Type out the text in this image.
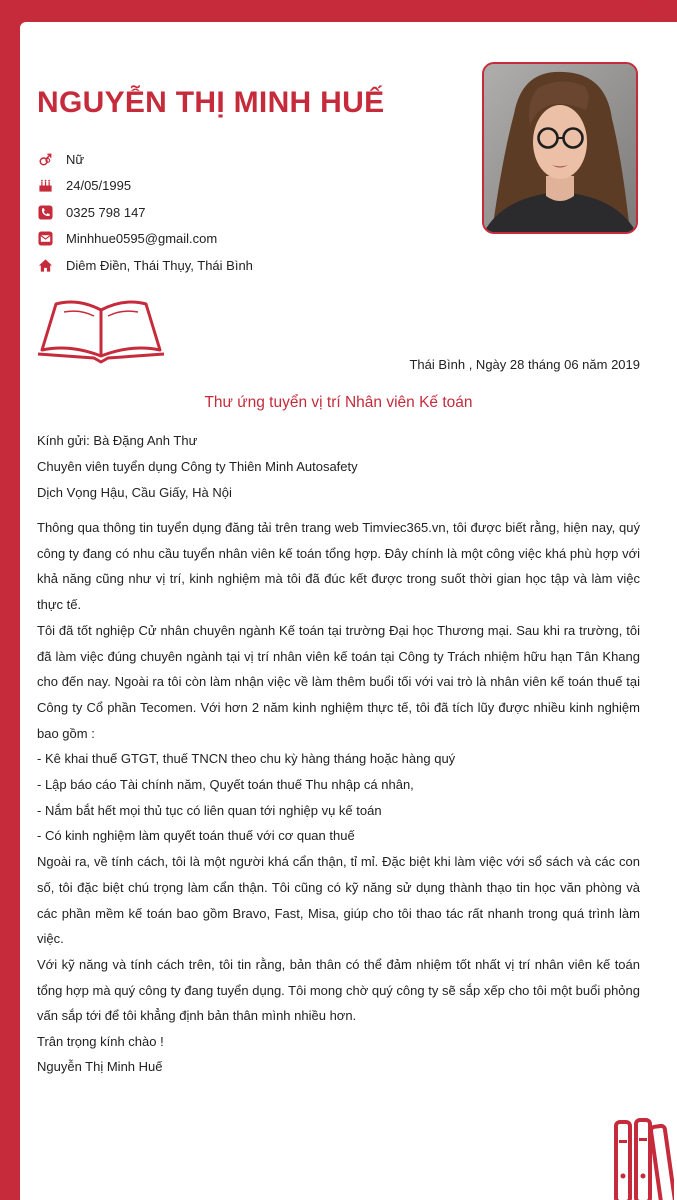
NGUYỄN THỊ MINH HUẾ
Nữ
24/05/1995
0325 798 147
Minhhue0595@gmail.com
Diêm Điền, Thái Thụy, Thái Bình
Thái Bình , Ngày 28 tháng 06 năm 2019
Thư ứng tuyển vị trí Nhân viên Kế toán
Kính gửi: Bà Đặng Anh Thư
Chuyên viên tuyển dụng Công ty Thiên Minh Autosafety
Dịch Vọng Hậu, Cầu Giấy, Hà Nội

Thông qua thông tin tuyển dụng đăng tải trên trang web Timviec365.vn, tôi được biết rằng, hiện nay, quý công ty đang có nhu cầu tuyển nhân viên kế toán tổng hợp. Đây chính là một công việc khá phù hợp với khả năng cũng như vị trí, kinh nghiệm mà tôi đã đúc kết được trong suốt thời gian học tập và làm việc thực tế.

Tôi đã tốt nghiệp Cử nhân chuyên ngành Kế toán tại trường Đại học Thương mại. Sau khi ra trường, tôi đã làm việc đúng chuyên ngành tại vị trí nhân viên kế toán tại Công ty Trách nhiệm hữu hạn Tân Khang cho đến nay. Ngoài ra tôi còn làm nhận việc về làm thêm buổi tối với vai trò là nhân viên kế toán thuế tại Công ty Cổ phần Tecomen. Với hơn 2 năm kinh nghiệm thực tế, tôi đã tích lũy được nhiều kinh nghiệm bao gồm :

- Kê khai thuế GTGT, thuế TNCN theo chu kỳ hàng tháng hoặc hàng quý

- Lập báo cáo Tài chính năm, Quyết toán thuế Thu nhập cá nhân,

- Nắm bắt hết mọi thủ tục có liên quan tới nghiệp vụ kế toán

- Có kinh nghiệm làm quyết toán thuế với cơ quan thuế

Ngoài ra, về tính cách, tôi là một người khá cẩn thận, tỉ mỉ. Đặc biệt khi làm việc với sổ sách và các con số, tôi đặc biệt chú trọng làm cẩn thận. Tôi cũng có kỹ năng sử dụng thành thạo tin học văn phòng và các phần mềm kế toán bao gồm Bravo, Fast, Misa, giúp cho tôi thao tác rất nhanh trong quá trình làm việc.

Với kỹ năng và tính cách trên, tôi tin rằng, bản thân có thể đảm nhiệm tốt nhất vị trí nhân viên kế toán tổng hợp mà quý công ty đang tuyển dụng. Tôi mong chờ quý công ty sẽ sắp xếp cho tôi một buổi phỏng vấn sắp tới để tôi khẳng định bản thân mình nhiều hơn.

Trân trọng kính chào !

Nguyễn Thị Minh Huế
